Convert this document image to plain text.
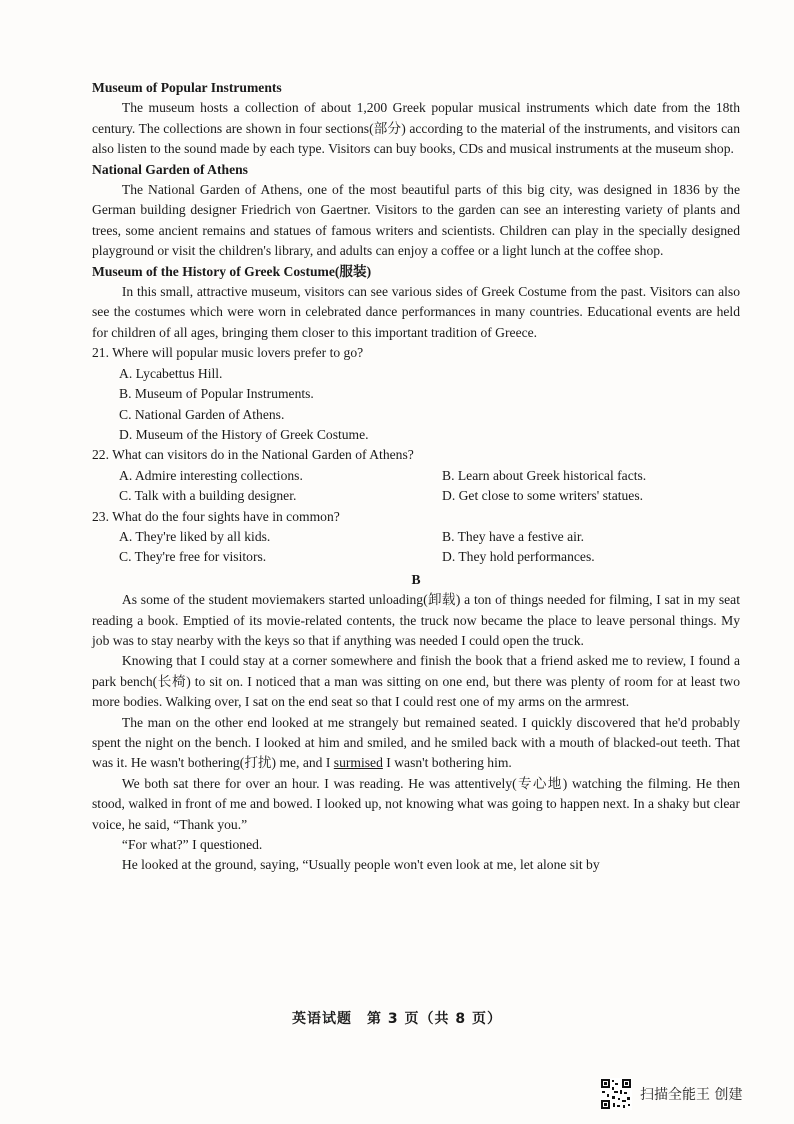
Museum of Popular Instruments
The museum hosts a collection of about 1,200 Greek popular musical instruments which date from the 18th century. The collections are shown in four sections(部分) according to the material of the instruments, and visitors can also listen to the sound made by each type. Visitors can buy books, CDs and musical instruments at the museum shop.
National Garden of Athens
The National Garden of Athens, one of the most beautiful parts of this big city, was designed in 1836 by the German building designer Friedrich von Gaertner. Visitors to the garden can see an interesting variety of plants and trees, some ancient remains and statues of famous writers and scientists. Children can play in the specially designed playground or visit the children's library, and adults can enjoy a coffee or a light lunch at the coffee shop.
Museum of the History of Greek Costume(服装)
In this small, attractive museum, visitors can see various sides of Greek Costume from the past. Visitors can also see the costumes which were worn in celebrated dance performances in many countries. Educational events are held for children of all ages, bringing them closer to this important tradition of Greece.
21. Where will popular music lovers prefer to go?
A. Lycabettus Hill.
B. Museum of Popular Instruments.
C. National Garden of Athens.
D. Museum of the History of Greek Costume.
22. What can visitors do in the National Garden of Athens?
A. Admire interesting collections.	B. Learn about Greek historical facts.
C. Talk with a building designer.	D. Get close to some writers' statues.
23. What do the four sights have in common?
A. They're liked by all kids.	B. They have a festive air.
C. They're free for visitors.	D. They hold performances.
B
As some of the student moviemakers started unloading(卸载) a ton of things needed for filming, I sat in my seat reading a book. Emptied of its movie-related contents, the truck now became the place to leave personal things. My job was to stay nearby with the keys so that if anything was needed I could open the truck.
Knowing that I could stay at a corner somewhere and finish the book that a friend asked me to review, I found a park bench(长椅) to sit on. I noticed that a man was sitting on one end, but there was plenty of room for at least two more bodies. Walking over, I sat on the end seat so that I could rest one of my arms on the armrest.
The man on the other end looked at me strangely but remained seated. I quickly discovered that he'd probably spent the night on the bench. I looked at him and smiled, and he smiled back with a mouth of blacked-out teeth. That was it. He wasn't bothering(打扰) me, and I surmised I wasn't bothering him.
We both sat there for over an hour. I was reading. He was attentively(专心地) watching the filming. He then stood, walked in front of me and bowed. I looked up, not knowing what was going to happen next. In a shaky but clear voice, he said, “Thank you.”
“For what?” I questioned.
He looked at the ground, saying, “Usually people won't even look at me, let alone sit by
英语试题　第 3 页（共 8 页）
扫描全能王 创建
